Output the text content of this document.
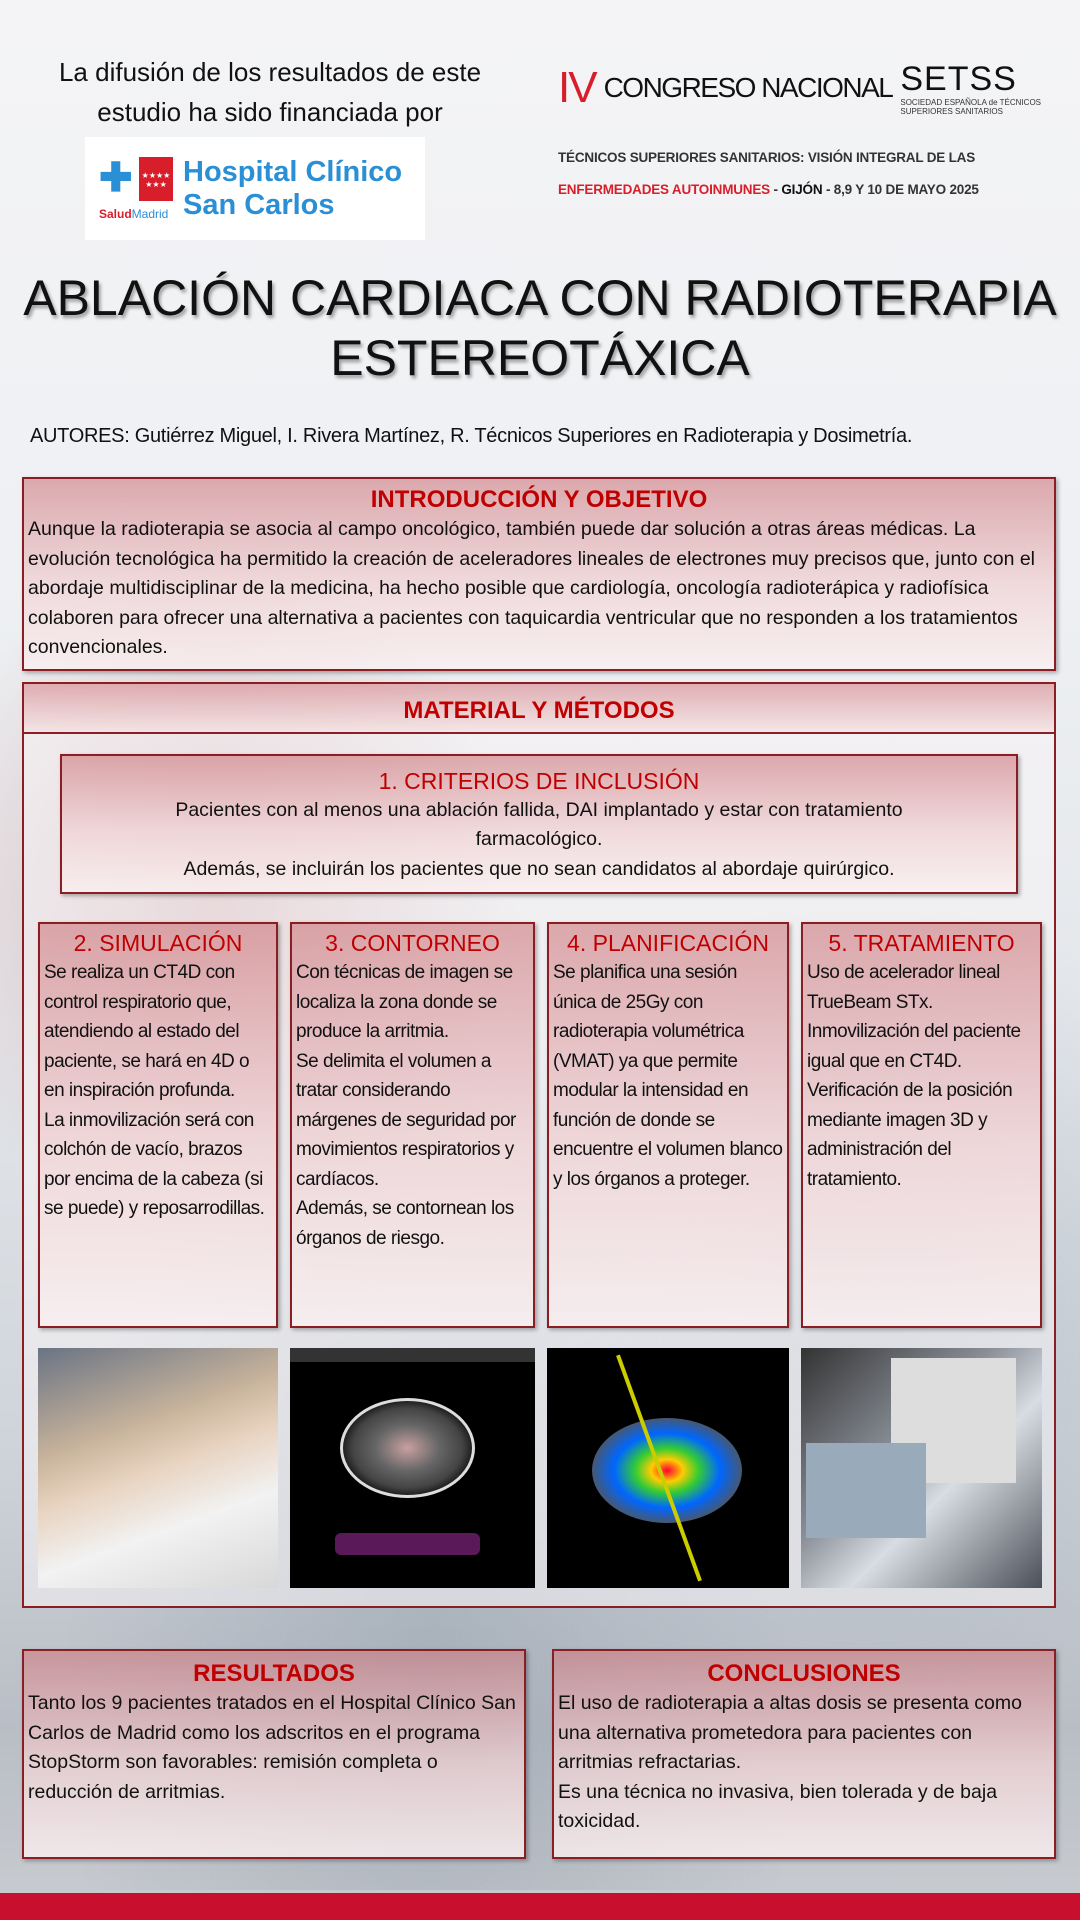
La difusión de los resultados de este estudio ha sido financiada por
✚	★★★★
★★★
SaludMadrid
Hospital Clínico
San Carlos
IV CONGRESO NACIONAL SETSS
SOCIEDAD ESPAÑOLA de TÉCNICOS SUPERIORES SANITARIOS
TÉCNICOS SUPERIORES SANITARIOS: VISIÓN INTEGRAL DE LAS
ENFERMEDADES AUTOINMUNES - GIJÓN - 8,9 Y 10 DE MAYO 2025
ABLACIÓN CARDIACA CON RADIOTERAPIA
ESTEREOTÁXICA
AUTORES: Gutiérrez Miguel, I. Rivera Martínez, R. Técnicos Superiores en Radioterapia y Dosimetría.
INTRODUCCIÓN Y OBJETIVO
Aunque la radioterapia se asocia al campo oncológico, también puede dar solución a otras áreas médicas. La evolución tecnológica ha permitido la creación de aceleradores lineales de electrones muy precisos que, junto con el abordaje multidisciplinar de la medicina, ha hecho posible que cardiología, oncología radioterápica y radiofísica colaboren para ofrecer una alternativa a pacientes con taquicardia ventricular que no responden a los tratamientos convencionales.
MATERIAL Y MÉTODOS
1. CRITERIOS DE INCLUSIÓN
Pacientes con al menos una ablación fallida, DAI implantado y estar con tratamiento farmacológico.
Además, se incluirán los pacientes que no sean candidatos al abordaje quirúrgico.
2. SIMULACIÓN
Se realiza un CT4D con control respiratorio que, atendiendo al estado del paciente, se hará en 4D o en inspiración profunda.
La inmovilización será con colchón de vacío, brazos por encima de la cabeza (si se puede) y reposarrodillas.
3. CONTORNEO
Con técnicas de imagen se localiza la zona donde se produce la arritmia.
Se delimita el volumen a tratar considerando márgenes de seguridad por movimientos respiratorios y cardíacos.
Además, se contornean los órganos de riesgo.
4. PLANIFICACIÓN
Se planifica una sesión única de 25Gy con radioterapia volumétrica (VMAT) ya que permite modular la intensidad en función de donde se encuentre el volumen blanco y los órganos a proteger.
5. TRATAMIENTO
Uso de acelerador lineal TrueBeam STx.
Inmovilización del paciente igual que en CT4D.
Verificación de la posición mediante imagen 3D y administración del tratamiento.
RESULTADOS
Tanto los 9 pacientes tratados en el Hospital Clínico San Carlos de Madrid como los adscritos en el programa StopStorm son favorables: remisión completa o reducción de arritmias.
CONCLUSIONES
El uso de radioterapia a altas dosis se presenta como una alternativa prometedora para pacientes con arritmias refractarias.
Es una técnica no invasiva, bien tolerada y de baja toxicidad.
